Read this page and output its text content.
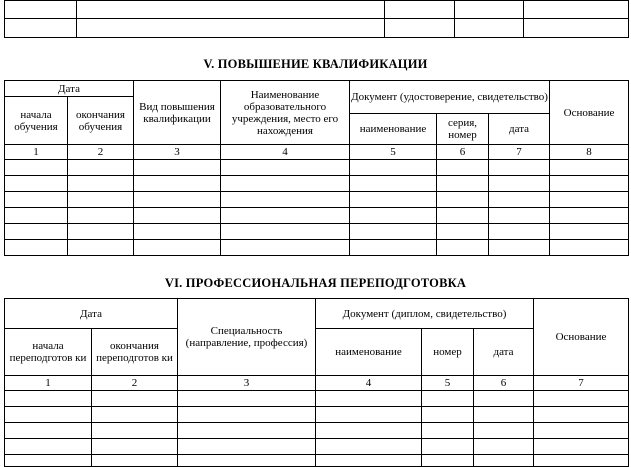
V. ПОВЫШЕНИЕ КВАЛИФИКАЦИИ
Дата		Вид повышения квалификации	Наименование образовательного учреждения, место его нахождения	Документ (удостоверение, свидетельство)			Основание
начала обучения	окончания обучения						
				наименование	серия, номер	дата	
1	2	3	4	5	6	7	8

VI. ПРОФЕССИОНАЛЬНАЯ ПЕРЕПОДГОТОВКА
Дата		Специальность (направление, профессия)	Документ (диплом, свидетельство)			Основание
начала переподготов ки	окончания переподготов ки		наименование	номер	дата	
1	2	3	4	5	6	7
